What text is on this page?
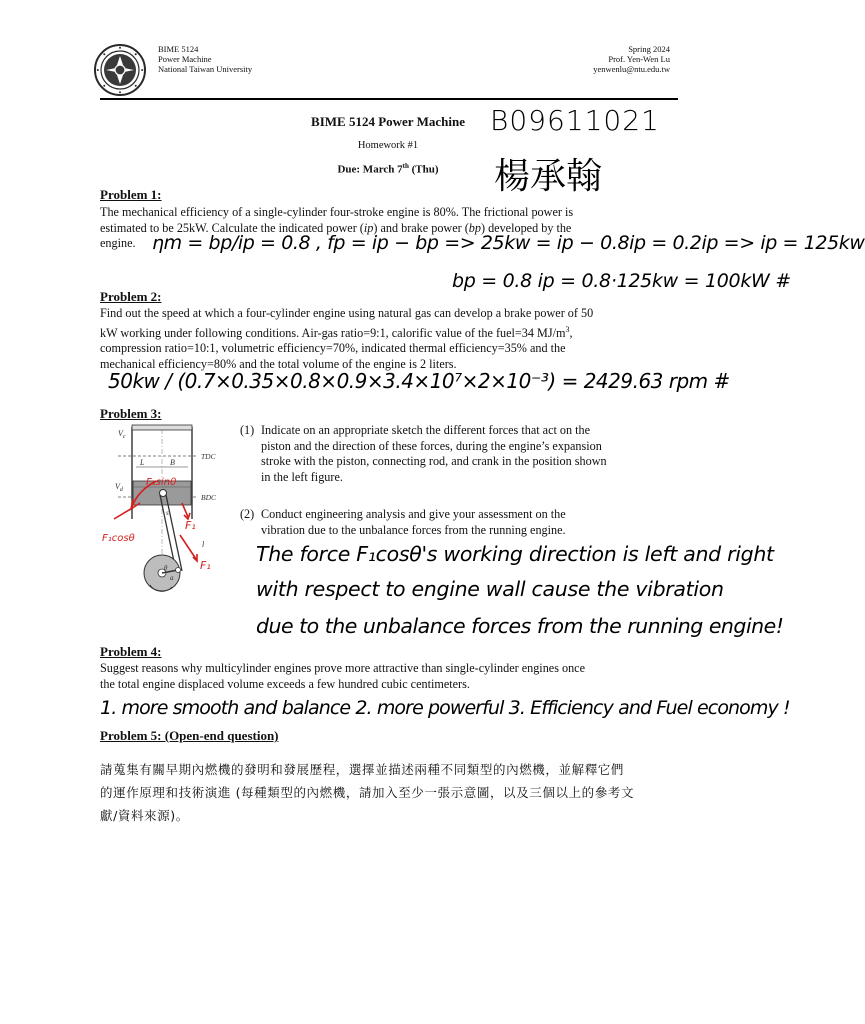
BIME 5124
Power Machine
National Taiwan University
Spring 2024
Prof. Yen-Wen Lu
yenwenlu@ntu.edu.tw
BIME 5124 Power Machine
Homework #1
Due: March 7th (Thu)
B09611021
楊承翰
Problem 1:
The mechanical efficiency of a single-cylinder four-stroke engine is 80%. The frictional power is
estimated to be 25kW. Calculate the indicated power (ip) and brake power (bp) developed by the
engine. ηm = bp/ip = 0.8 , fp = ip − bp => 25kw = ip − 0.8ip = 0.2ip => ip = 125kw
bp = 0.8 ip = 0.8·125kw = 100kW #
Problem 2:
Find out the speed at which a four-cylinder engine using natural gas can develop a brake power of 50
kW working under following conditions. Air-gas ratio=9:1, calorific value of the fuel=34 $MJ/m^3$,
compression ratio=10:1, volumetric efficiency=70%, indicated thermal efficiency=35% and the
mechanical efficiency=80% and the total volume of the engine is 2 liters.
50kw / (0.7×0.35×0.8×0.9×3.4×10⁷×2×10⁻³) = 2429.63 rpm #
Problem 3:
$V_c$
TDC
L	B
$V_d$
BDC
s
l
θ
a
F₁sinθ
F₁
F₁cosθ
F₁
(1) Indicate on an appropriate sketch the different forces that act on the
piston and the direction of these forces, during the engine’s expansion
stroke with the piston, connecting rod, and crank in the position shown
in the left figure.
(2) Conduct engineering analysis and give your assessment on the
vibration due to the unbalance forces from the running engine.
The force F₁cosθ's working direction is left and right
with respect to engine wall cause the vibration
due to the unbalance forces from the running engine!
Problem 4:
Suggest reasons why multicylinder engines prove more attractive than single-cylinder engines once
the total engine displaced volume exceeds a few hundred cubic centimeters.
1. more smooth and balance 2. more powerful 3. Efficiency and Fuel economy !
Problem 5: (Open-end question)
請蒐集有關早期內燃機的發明和發展歷程，選擇並描述兩種不同類型的內燃機，並解釋它們
的運作原理和技術演進 (每種類型的內燃機，請加入至少一張示意圖，以及三個以上的參考文
獻/資料來源)。
